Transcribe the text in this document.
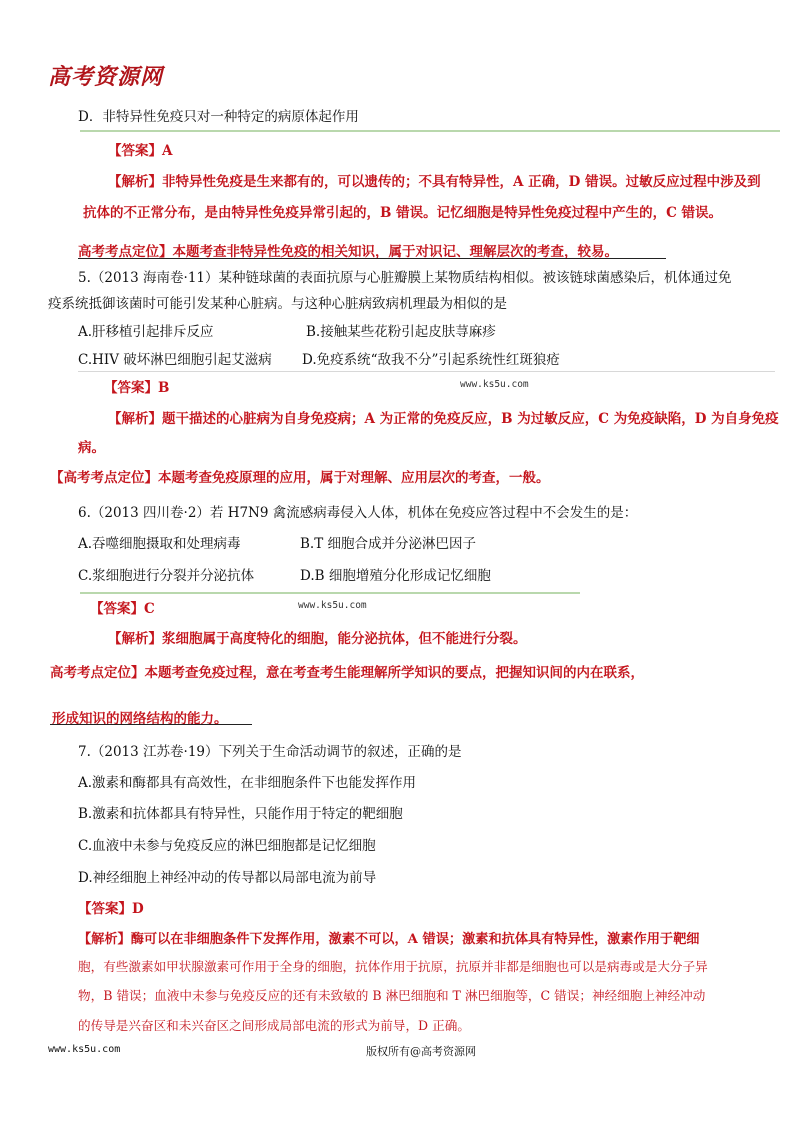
高考资源网
D．非特异性免疫只对一种特定的病原体起作用
【答案】A
【解析】非特异性免疫是生来都有的，可以遗传的；不具有特异性，A 正确，D 错误。过敏反应过程中涉及到
抗体的不正常分布，是由特异性免疫异常引起的，B 错误。记忆细胞是特异性免疫过程中产生的，C 错误。
高考考点定位】本题考查非特异性免疫的相关知识，属于对识记、理解层次的考查，较易。
5.（2013 海南卷·11）某种链球菌的表面抗原与心脏瓣膜上某物质结构相似。被该链球菌感染后，机体通过免
疫系统抵御该菌时可能引发某种心脏病。与这种心脏病致病机理最为相似的是
A.肝移植引起排斥反应	B.接触某些花粉引起皮肤荨麻疹
C.HIV 破坏淋巴细胞引起艾滋病 D.免疫系统“敌我不分”引起系统性红斑狼疮
【答案】B	www.ks5u.com
【解析】题干描述的心脏病为自身免疫病；A 为正常的免疫反应，B 为过敏反应，C 为免疫缺陷，D 为自身免疫
病。
【高考考点定位】本题考查免疫原理的应用，属于对理解、应用层次的考查，一般。
6.（2013 四川卷·2）若 H7N9 禽流感病毒侵入人体，机体在免疫应答过程中不会发生的是：
A.吞噬细胞摄取和处理病毒	B.T 细胞合成并分泌淋巴因子
C.浆细胞进行分裂并分泌抗体	D.B 细胞增殖分化形成记忆细胞
【答案】C	www.ks5u.com
【解析】浆细胞属于高度特化的细胞，能分泌抗体，但不能进行分裂。
高考考点定位】本题考查免疫过程，意在考查考生能理解所学知识的要点，把握知识间的内在联系，
形成知识的网络结构的能力。
7.（2013 江苏卷·19）下列关于生命活动调节的叙述，正确的是
A.激素和酶都具有高效性，在非细胞条件下也能发挥作用
B.激素和抗体都具有特异性，只能作用于特定的靶细胞
C.血液中未参与免疫反应的淋巴细胞都是记忆细胞
D.神经细胞上神经冲动的传导都以局部电流为前导
【答案】D
【解析】酶可以在非细胞条件下发挥作用，激素不可以，A 错误；激素和抗体具有特异性，激素作用于靶细
胞，有些激素如甲状腺激素可作用于全身的细胞，抗体作用于抗原，抗原并非都是细胞也可以是病毒或是大分子异
物，B 错误；血液中未参与免疫反应的还有未致敏的 B 淋巴细胞和 T 淋巴细胞等，C 错误；神经细胞上神经冲动
的传导是兴奋区和未兴奋区之间形成局部电流的形式为前导，D 正确。
www.ks5u.com	版权所有@高考资源网
